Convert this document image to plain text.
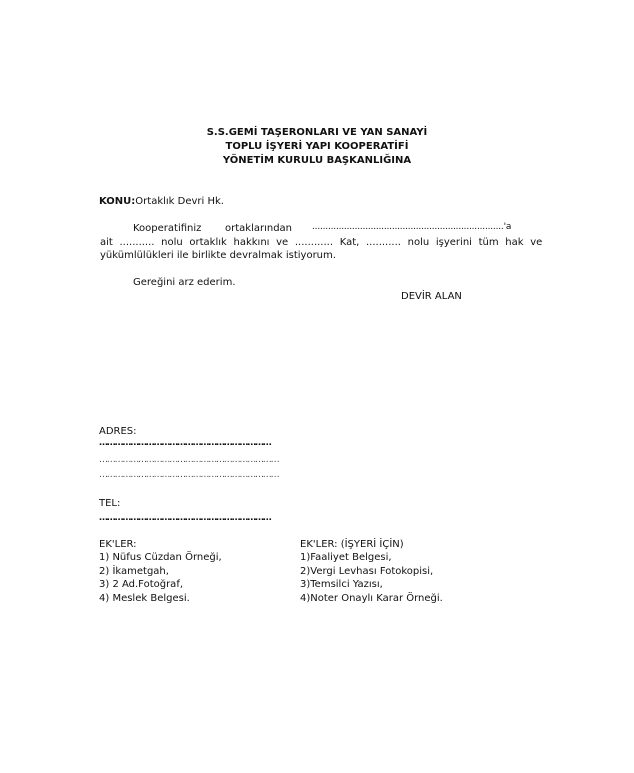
S.S.GEMİ TAŞERONLARI VE YAN SANAYİ
TOPLU İŞYERİ YAPI KOOPERATİFİ
YÖNETİM KURULU BAŞKANLIĞINA
KONU:Ortaklık Devri Hk.
Kooperatifiniz ortaklarından ........................................................................'a
ait ........... nolu ortaklık hakkını ve ............ Kat, ........... nolu işyerini tüm hak ve
yükümlülükleri ile birlikte devralmak istiyorum.
Gereğini arz ederim.
DEVİR ALAN
ADRES:
…………………………………………………………
……………………………………………………………
……………………………………………………………
TEL:
…………………………………………………………
EK'LER:
1) Nüfus Cüzdan Örneği,
2) İkametgah,
3) 2 Ad.Fotoğraf,
4) Meslek Belgesi.
EK'LER: (İŞYERİ İÇİN)
1)Faaliyet Belgesi,
2)Vergi Levhası Fotokopisi,
3)Temsilci Yazısı,
4)Noter Onaylı Karar Örneği.
